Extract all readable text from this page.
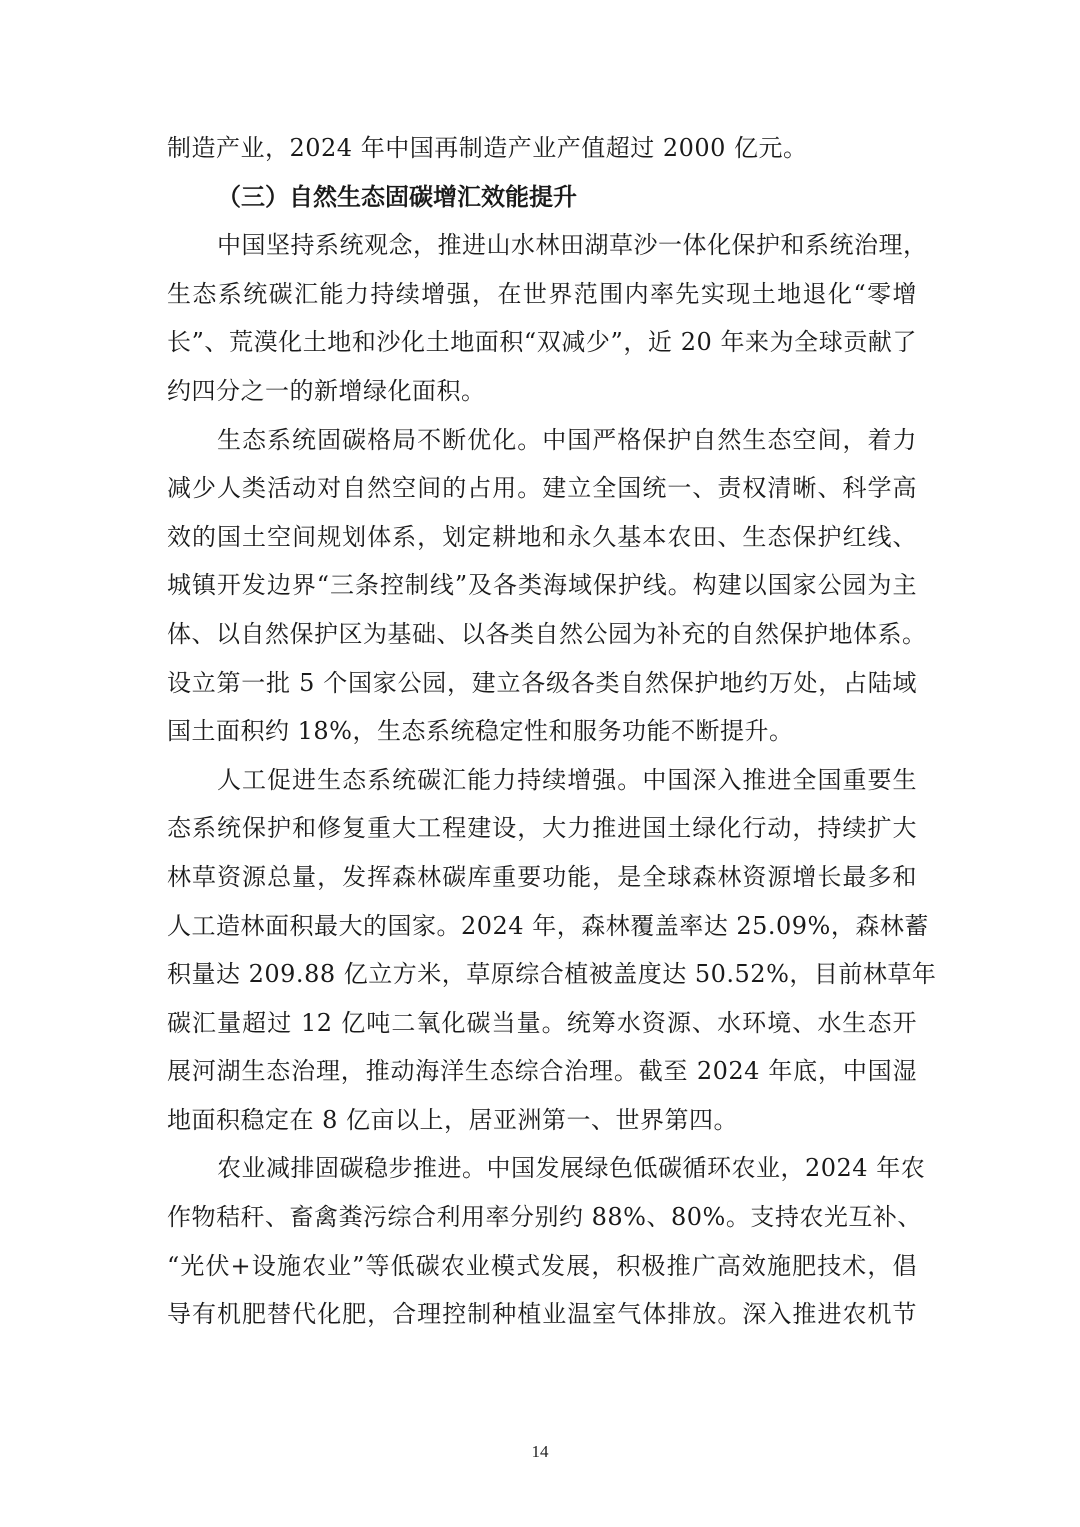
制造产业，2024 年中国再制造产业产值超过 2000 亿元。
（三）自然生态固碳增汇效能提升
中国坚持系统观念，推进山水林田湖草沙一体化保护和系统治理，
生态系统碳汇能力持续增强，在世界范围内率先实现土地退化“零增
长”、荒漠化土地和沙化土地面积“双减少”，近 20 年来为全球贡献了
约四分之一的新增绿化面积。
生态系统固碳格局不断优化。中国严格保护自然生态空间，着力
减少人类活动对自然空间的占用。建立全国统一、责权清晰、科学高
效的国土空间规划体系，划定耕地和永久基本农田、生态保护红线、
城镇开发边界“三条控制线”及各类海域保护线。构建以国家公园为主
体、以自然保护区为基础、以各类自然公园为补充的自然保护地体系。
设立第一批 5 个国家公园，建立各级各类自然保护地约万处，占陆域
国土面积约 18%，生态系统稳定性和服务功能不断提升。
人工促进生态系统碳汇能力持续增强。中国深入推进全国重要生
态系统保护和修复重大工程建设，大力推进国土绿化行动，持续扩大
林草资源总量，发挥森林碳库重要功能，是全球森林资源增长最多和
人工造林面积最大的国家。2024 年，森林覆盖率达 25.09%，森林蓄
积量达 209.88 亿立方米，草原综合植被盖度达 50.52%，目前林草年
碳汇量超过 12 亿吨二氧化碳当量。统筹水资源、水环境、水生态开
展河湖生态治理，推动海洋生态综合治理。截至 2024 年底，中国湿
地面积稳定在 8 亿亩以上，居亚洲第一、世界第四。
农业减排固碳稳步推进。中国发展绿色低碳循环农业，2024 年农
作物秸秆、畜禽粪污综合利用率分别约 88%、80%。支持农光互补、
“光伏+设施农业”等低碳农业模式发展，积极推广高效施肥技术，倡
导有机肥替代化肥，合理控制种植业温室气体排放。深入推进农机节
14
